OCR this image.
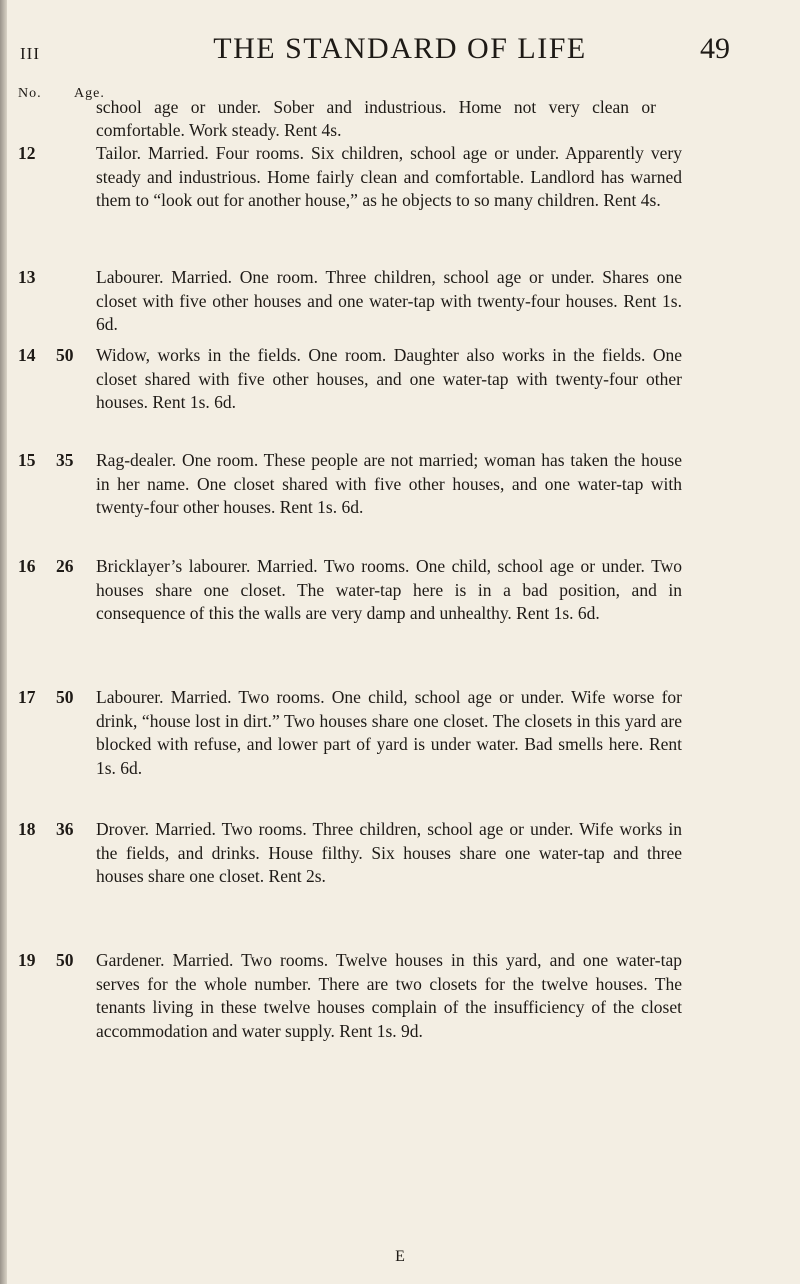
III	THE STANDARD OF LIFE	49
No. Age.
school age or under. Sober and industrious. Home not very clean or comfortable. Work steady. Rent 4s.
12	Tailor. Married. Four rooms. Six children, school age or under. Apparently very steady and industrious. Home fairly clean and comfortable. Landlord has warned them to “look out for another house,” as he objects to so many children. Rent 4s.
13	Labourer. Married. One room. Three children, school age or under. Shares one closet with five other houses and one water-tap with twenty-four houses. Rent 1s. 6d.
14 50 Widow, works in the fields. One room. Daughter also works in the fields. One closet shared with five other houses, and one water-tap with twenty-four other houses. Rent 1s. 6d.
15 35 Rag-dealer. One room. These people are not married; woman has taken the house in her name. One closet shared with five other houses, and one water-tap with twenty-four other houses. Rent 1s. 6d.
16 26 Bricklayer’s labourer. Married. Two rooms. One child, school age or under. Two houses share one closet. The water-tap here is in a bad position, and in consequence of this the walls are very damp and unhealthy. Rent 1s. 6d.
17 50 Labourer. Married. Two rooms. One child, school age or under. Wife worse for drink, “house lost in dirt.” Two houses share one closet. The closets in this yard are blocked with refuse, and lower part of yard is under water. Bad smells here. Rent 1s. 6d.
18 36 Drover. Married. Two rooms. Three children, school age or under. Wife works in the fields, and drinks. House filthy. Six houses share one water-tap and three houses share one closet. Rent 2s.
19 50 Gardener. Married. Two rooms. Twelve houses in this yard, and one water-tap serves for the whole number. There are two closets for the twelve houses. The tenants living in these twelve houses complain of the insufficiency of the closet accommodation and water supply. Rent 1s. 9d.
E
